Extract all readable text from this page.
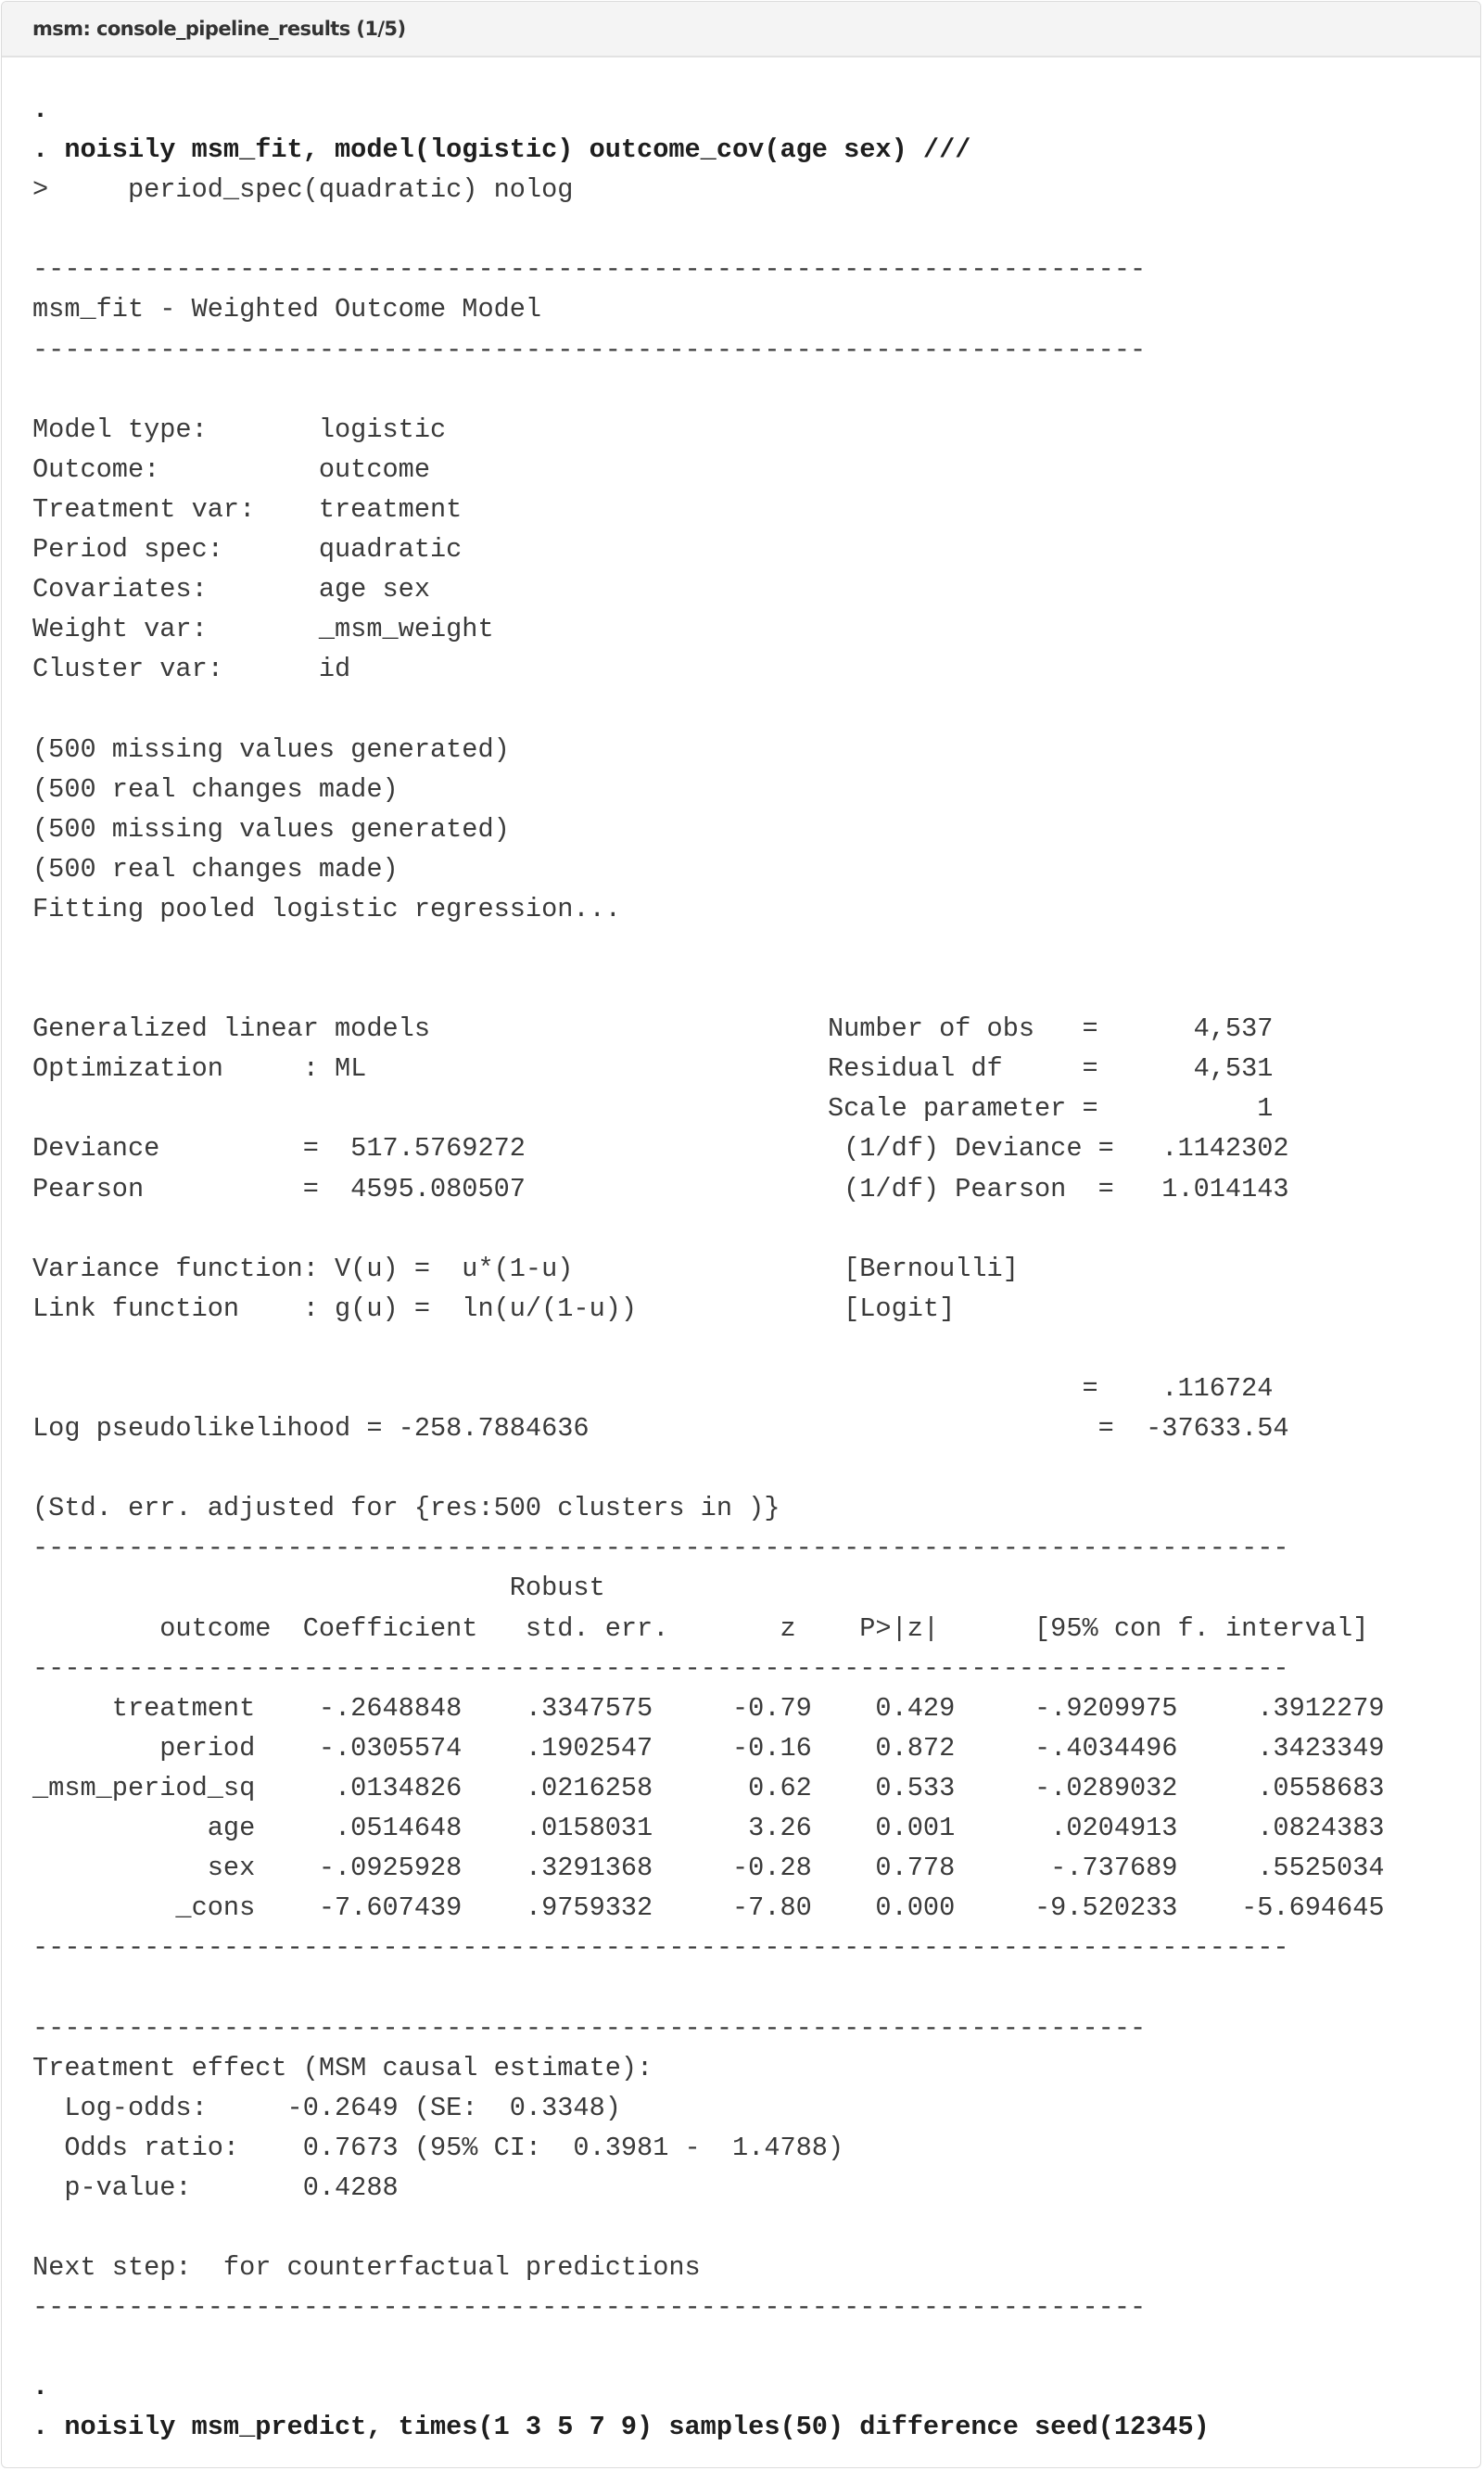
msm: console_pipeline_results (1/5)
.
. noisily msm_fit, model(logistic) outcome_cov(age sex) ///
>     period_spec(quadratic) nolog
----------------------------------------------------------------------
msm_fit - Weighted Outcome Model
----------------------------------------------------------------------
Model type:       logistic
Outcome:          outcome
Treatment var:    treatment
Period spec:      quadratic
Covariates:       age sex
Weight var:       _msm_weight
Cluster var:      id
(500 missing values generated)
(500 real changes made)
(500 missing values generated)
(500 real changes made)
Fitting pooled logistic regression...
Generalized linear models                         Number of obs   =      4,537
Optimization     : ML                             Residual df     =      4,531
Scale parameter =          1
Deviance         =  517.5769272                    (1/df) Deviance =   .1142302
Pearson          =  4595.080507                    (1/df) Pearson  =   1.014143
Variance function: V(u) =  u*(1-u)                 [Bernoulli]
Link function    : g(u) =  ln(u/(1-u))             [Logit]
=    .116724
Log pseudolikelihood = -258.7884636                                =  -37633.54
(Std. err. adjusted for {res:500 clusters in )}
-------------------------------------------------------------------------------
Robust
outcome  Coefficient   std. err.       z    P>|z|      [95% con f. interval]
-------------------------------------------------------------------------------
treatment    -.2648848    .3347575     -0.79    0.429     -.9209975     .3912279
period    -.0305574    .1902547     -0.16    0.872     -.4034496     .3423349
_msm_period_sq     .0134826    .0216258      0.62    0.533     -.0289032     .0558683
age     .0514648    .0158031      3.26    0.001      .0204913     .0824383
sex    -.0925928    .3291368     -0.28    0.778      -.737689     .5525034
_cons    -7.607439    .9759332     -7.80    0.000     -9.520233    -5.694645
-------------------------------------------------------------------------------
----------------------------------------------------------------------
Treatment effect (MSM causal estimate):
Log-odds:     -0.2649 (SE:  0.3348)
Odds ratio:    0.7673 (95% CI:  0.3981 -  1.4788)
p-value:       0.4288
Next step:  for counterfactual predictions
----------------------------------------------------------------------
.
. noisily msm_predict, times(1 3 5 7 9) samples(50) difference seed(12345)
